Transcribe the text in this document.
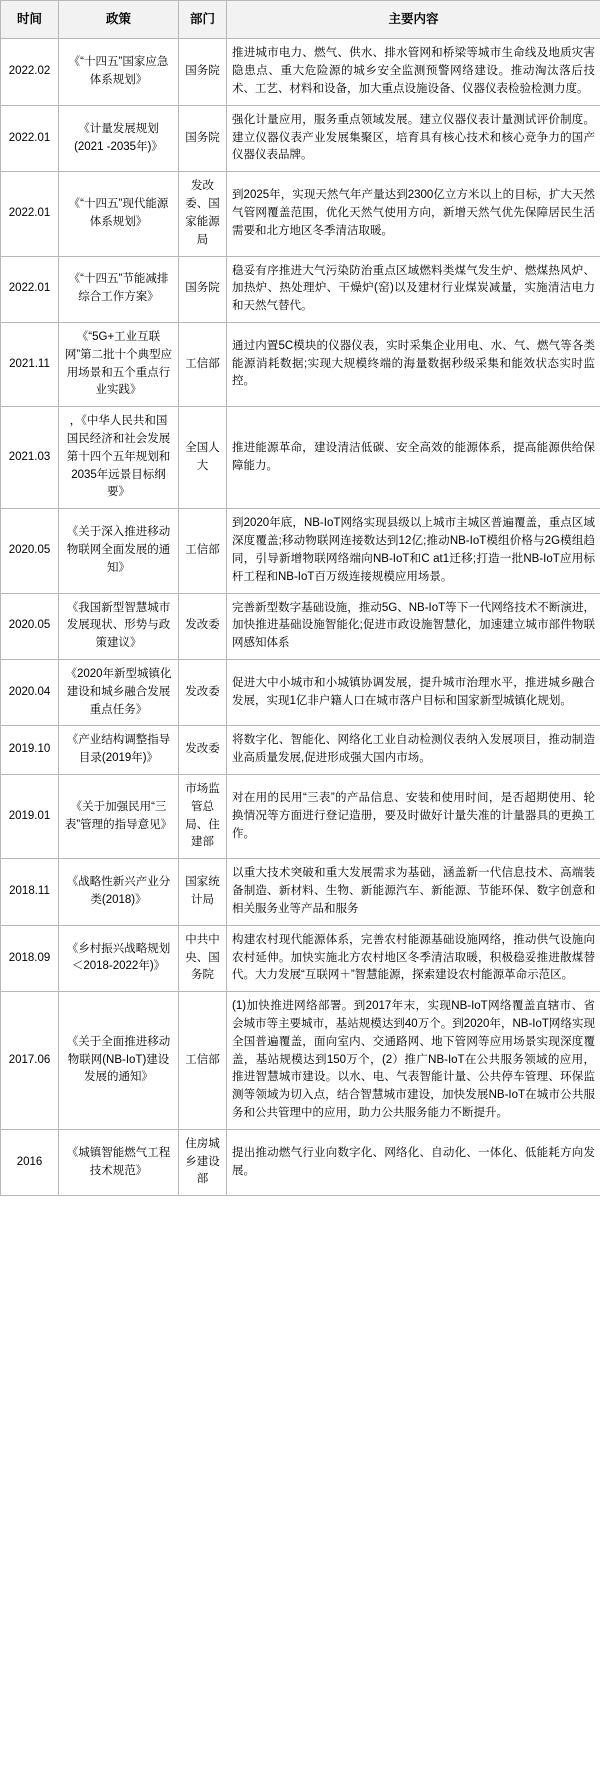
时间	政策	部门	主要内容
2022.02	《“十四五”国家应急体系规划》	国务院	推进城市电力、燃气、供水、排水管网和桥梁等城市生命线及地质灾害隐患点、重大危险源的城乡安全监测预警网络建设。推动淘汰落后技术、工艺、材料和设备，加大重点设施设备、仪器仪表检验检测力度。
2022.01	《计量发展规划(2021 -2035年)》	国务院	强化计量应用，服务重点领域发展。建立仪器仪表计量测试评价制度。建立仪器仪表产业发展集聚区，培育具有核心技术和核心竞争力的国产仪器仪表品牌。
2022.01	《“十四五”现代能源体系规划》	发改委、国家能源局	到2025年，实现天然气年产量达到2300亿立方米以上的目标，扩大天然气管网覆盖范围，优化天然气使用方向，新增天然气优先保障居民生活需要和北方地区冬季清洁取暖。
2022.01	《“十四五”节能减排综合工作方案》	国务院	稳妥有序推进大气污染防治重点区域燃料类煤气发生炉、燃煤热风炉、加热炉、热处理炉、干燥炉(窑)以及建材行业煤炭减量，实施清洁电力和天然气替代。
2021.11	《“5G+工业互联网”第二批十个典型应用场景和五个重点行业实践》	工信部	通过内置5C模块的仪器仪表，实时采集企业用电、水、气、燃气等各类能源消耗数据;实现大规模终端的海量数据秒级采集和能效状态实时监控。
2021.03	，《中华人民共和国国民经济和社会发展第十四个五年规划和2035年远景目标纲要》	全国人大	推进能源革命，建设清洁低碳、安全高效的能源体系，提高能源供给保障能力。
2020.05	《关于深入推进移动物联网全面发展的通知》	工信部	到2020年底，NB-IoT网络实现县级以上城市主城区普遍覆盖，重点区域深度覆盖;移动物联网连接数达到12亿;推动NB-IoT模组价格与2G模组趋同，引导新增物联网络端向NB-IoT和C at1迁移;打造一批NB-IoT应用标杆工程和NB-IoT百万级连接规模应用场景。
2020.05	《我国新型智慧城市发展现状、形势与政策建议》	发改委	完善新型数字基础设施，推动5G、NB-IoT等下一代网络技术不断演进，加快推进基础设施智能化;促进市政设施智慧化，加速建立城市部件物联网感知体系
2020.04	《2020年新型城镇化建设和城乡融合发展重点任务》	发改委	促进大中小城市和小城镇协调发展，提升城市治理水平，推进城乡融合发展，实现1亿非户籍人口在城市落户目标和国家新型城镇化规划。
2019.10	《产业结构调整指导目录(2019年)》	发改委	将数字化、智能化、网络化工业自动检测仪表纳入发展项目，推动制造业高质量发展,促进形成强大国内市场。
2019.01	《关于加强民用“三表”管理的指导意见》	市场监管总局、住建部	对在用的民用“三表”的产品信息、安装和使用时间，是否超期使用、轮换情况等方面进行登记造册，要及时做好计量失准的计量器具的更换工作。
2018.11	《战略性新兴产业分类(2018)》	国家统计局	以重大技术突破和重大发展需求为基础，涵盖新一代信息技术、高端装备制造、新材料、生物、新能源汽车、新能源、节能环保、数字创意和相关服务业等产品和服务
2018.09	《乡村振兴战略规划＜2018-2022年)》	中共中央、国务院	构建农村现代能源体系，完善农村能源基础设施网络，推动供气设施向农村延伸。加快实施北方农村地区冬季清洁取暖，积极稳妥推进散煤替代。大力发展“互联网＋”智慧能源，探索建设农村能源革命示范区。
2017.06	《关于全面推进移动物联网(NB-IoT)建设发展的通知》	工信部	(1)加快推进网络部署。到2017年末，实现NB-IoT网络覆盖直辖市、省会城市等主要城市，基站规模达到40万个。到2020年，NB-IoT网络实现全国普遍覆盖，面向室内、交通路网、地下管网等应用场景实现深度覆盖，基站规模达到150万个，(2）推广NB-IoT在公共服务领域的应用，推进智慧城市建设。以水、电、气表智能计量、公共停车管理、环保监测等领域为切入点，结合智慧城市建设，加快发展NB-IoT在城市公共服务和公共管理中的应用，助力公共服务能力不断提升。
2016	《城镇智能燃气工程技术规范》	住房城乡建设部	提出推动燃气行业向数字化、网络化、自动化、一体化、低能耗方向发展。
